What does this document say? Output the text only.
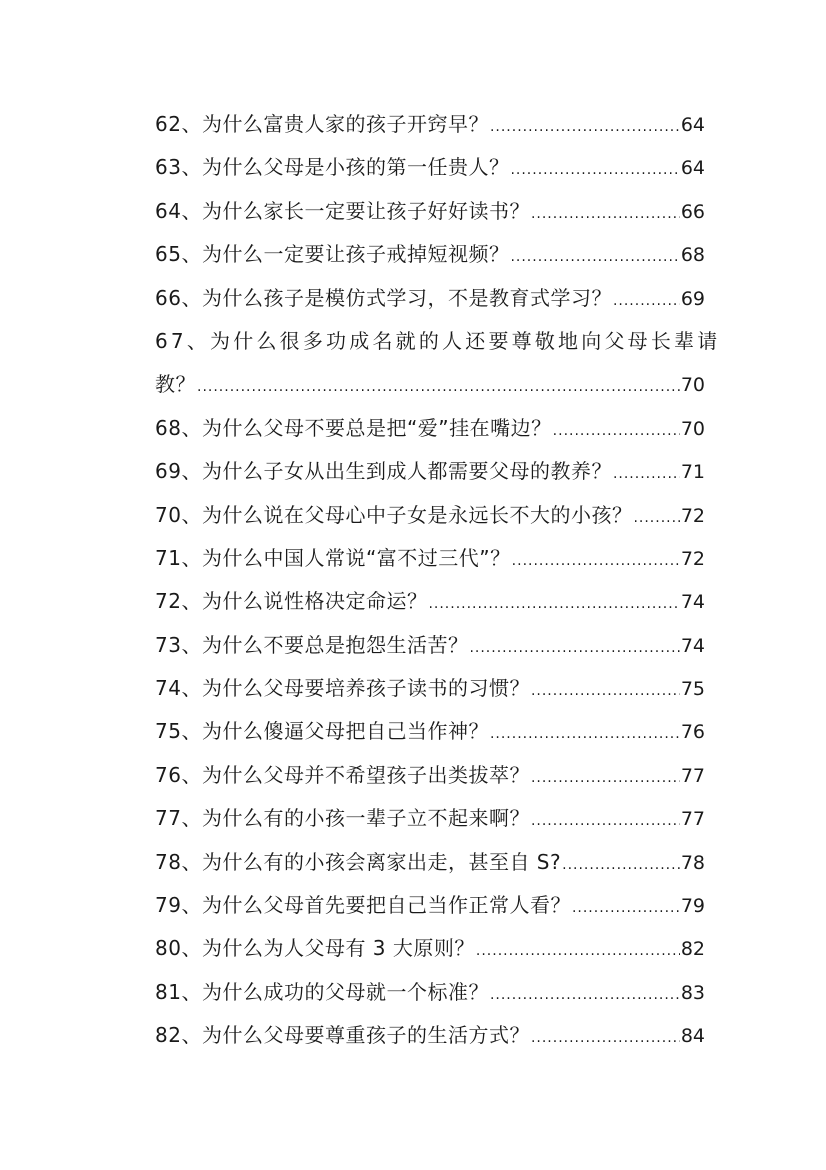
62、为什么富贵人家的孩子开窍早？ .....	64
63、为什么父母是小孩的第一任贵人？ .....	64
64、为什么家长一定要让孩子好好读书？ .....	66
65、为什么一定要让孩子戒掉短视频？ .....	68
66、为什么孩子是模仿式学习，不是教育式学习？ .....	69
67、为什么很多功成名就的人还要尊敬地向父母长辈请
教？ .....	70
68、为什么父母不要总是把“爱”挂在嘴边？ .....	70
69、为什么子女从出生到成人都需要父母的教养？ .....	71
70、为什么说在父母心中子女是永远长不大的小孩？ .....	72
71、为什么中国人常说“富不过三代”？ .....	72
72、为什么说性格决定命运？ .....	74
73、为什么不要总是抱怨生活苦？ .....	74
74、为什么父母要培养孩子读书的习惯？ .....	75
75、为什么傻逼父母把自己当作神？ .....	76
76、为什么父母并不希望孩子出类拔萃？ .....	77
77、为什么有的小孩一辈子立不起来啊？ .....	77
78、为什么有的小孩会离家出走，甚至自 S? .....	78
79、为什么父母首先要把自己当作正常人看？ .....	79
80、为什么为人父母有 3 大原则？ .....	82
81、为什么成功的父母就一个标准？ .....	83
82、为什么父母要尊重孩子的生活方式？ .....	84
